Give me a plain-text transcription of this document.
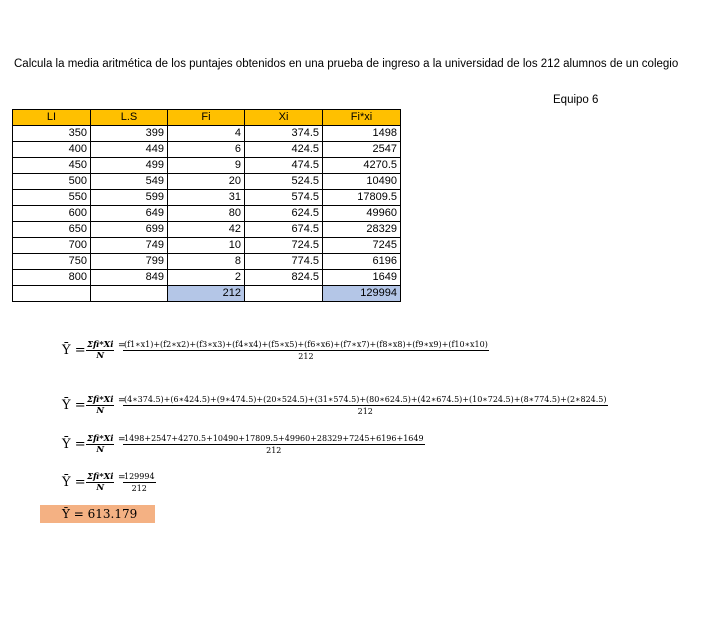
Calcula la media aritmética de los puntajes obtenidos en una prueba de ingreso a la universidad de los 212 alumnos de un colegio
Equipo 6
LI	L.S	Fi	Xi	Fi*xi
350	399	4	374.5	1498
400	449	6	424.5	2547
450	499	9	474.5	4270.5
500	549	20	524.5	10490
550	599	31	574.5	17809.5
600	649	80	624.5	49960
650	699	42	674.5	28329
700	749	10	724.5	7245
750	799	8	774.5	6196
800	849	2	824.5	1649
		212		129994
Ȳ = Σfi*Xi
N
=
(f1∗x1)+(f2∗x2)+(f3∗x3)+(f4∗x4)+(f5∗x5)+(f6∗x6)+(f7∗x7)+(f8∗x8)+(f9∗x9)+(f10∗x10)
212
Ȳ = Σfi*Xi
N
=
(4∗374.5)+(6∗424.5)+(9∗474.5)+(20∗524.5)+(31∗574.5)+(80∗624.5)+(42∗674.5)+(10∗724.5)+(8∗774.5)+(2∗824.5)
212
Ȳ = Σfi*Xi
N
=
$\frac{1498+2547+4270.5+10490+17809.5+49960+28329+7245+6196+1649}{212}$
Ȳ = Σfi*Xi
N
=
$\frac{129994}{212}$
Ȳ = 613.179
